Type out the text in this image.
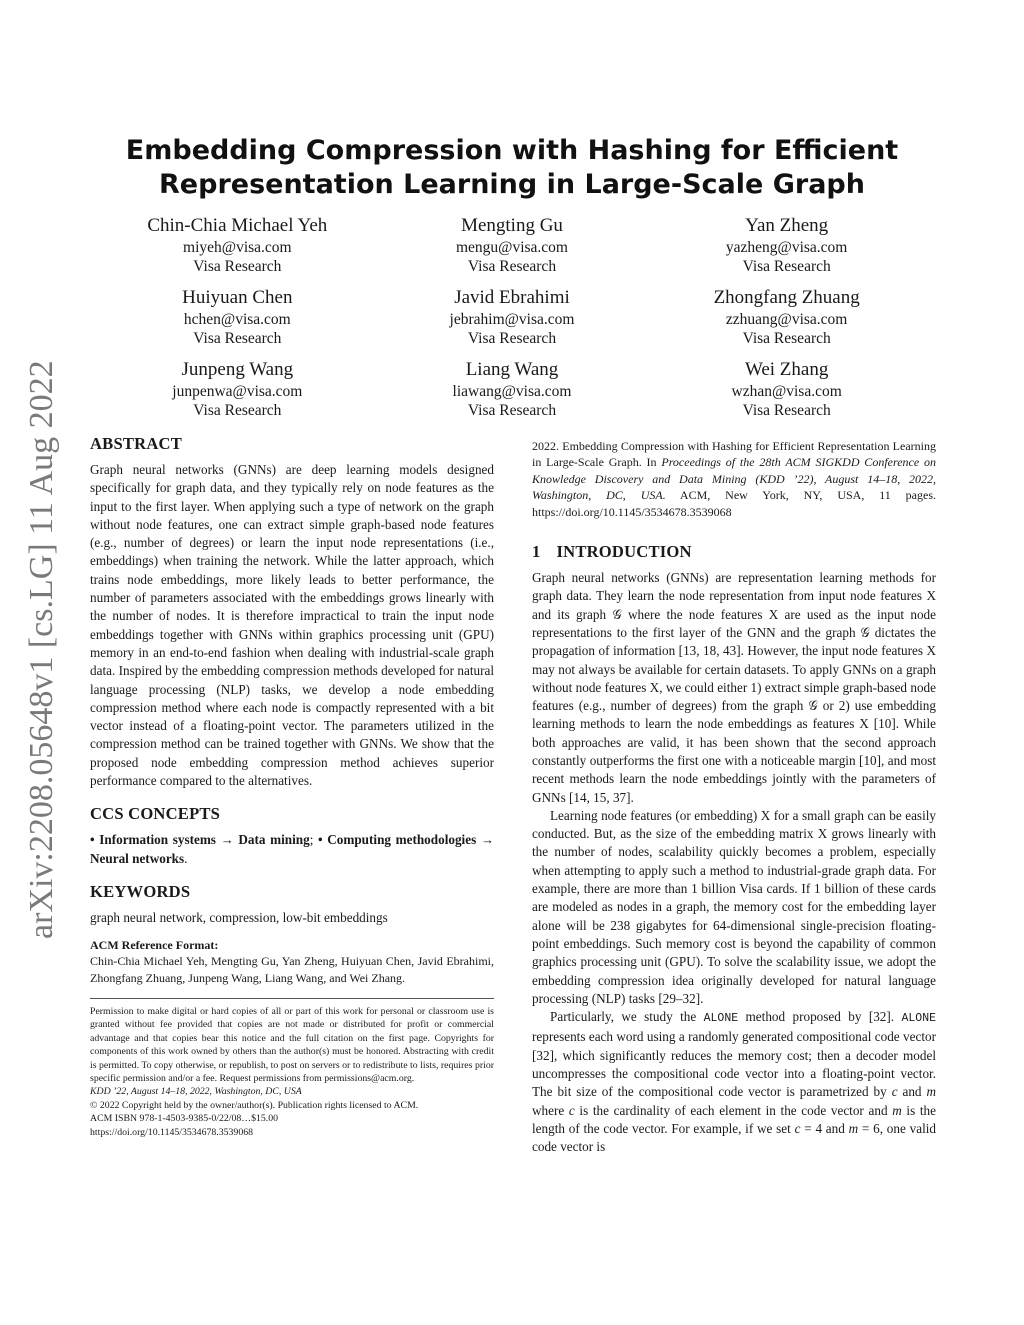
arXiv:2208.05648v1 [cs.LG] 11 Aug 2022
Embedding Compression with Hashing for Efficient
Representation Learning in Large-Scale Graph
Chin-Chia Michael Yeh
miyeh@visa.com
Visa Research
Mengting Gu
mengu@visa.com
Visa Research
Yan Zheng
yazheng@visa.com
Visa Research
Huiyuan Chen
hchen@visa.com
Visa Research
Javid Ebrahimi
jebrahim@visa.com
Visa Research
Zhongfang Zhuang
zzhuang@visa.com
Visa Research
Junpeng Wang
junpenwa@visa.com
Visa Research
Liang Wang
liawang@visa.com
Visa Research
Wei Zhang
wzhan@visa.com
Visa Research
ABSTRACT

Graph neural networks (GNNs) are deep learning models designed specifically for graph data, and they typically rely on node features as the input to the first layer. When applying such a type of network on the graph without node features, one can extract simple graph-based node features (e.g., number of degrees) or learn the input node representations (i.e., embeddings) when training the network. While the latter approach, which trains node embeddings, more likely leads to better performance, the number of parameters associated with the embeddings grows linearly with the number of nodes. It is therefore impractical to train the input node embeddings together with GNNs within graphics processing unit (GPU) memory in an end-to-end fashion when dealing with industrial-scale graph data. Inspired by the embedding compression methods developed for natural language processing (NLP) tasks, we develop a node embedding compression method where each node is compactly represented with a bit vector instead of a floating-point vector. The parameters utilized in the compression method can be trained together with GNNs. We show that the proposed node embedding compression method achieves superior performance compared to the alternatives.

CCS CONCEPTS

• Information systems → Data mining; • Computing methodologies → Neural networks.

KEYWORDS

graph neural network, compression, low-bit embeddings

ACM Reference Format:
Chin-Chia Michael Yeh, Mengting Gu, Yan Zheng, Huiyuan Chen, Javid Ebrahimi, Zhongfang Zhuang, Junpeng Wang, Liang Wang, and Wei Zhang.
Permission to make digital or hard copies of all or part of this work for personal or classroom use is granted without fee provided that copies are not made or distributed for profit or commercial advantage and that copies bear this notice and the full citation on the first page. Copyrights for components of this work owned by others than the author(s) must be honored. Abstracting with credit is permitted. To copy otherwise, or republish, to post on servers or to redistribute to lists, requires prior specific permission and/or a fee. Request permissions from permissions@acm.org.
KDD ’22, August 14–18, 2022, Washington, DC, USA
© 2022 Copyright held by the owner/author(s). Publication rights licensed to ACM.
ACM ISBN 978-1-4503-9385-0/22/08…$15.00
https://doi.org/10.1145/3534678.3539068
2022. Embedding Compression with Hashing for Efficient Representation Learning in Large-Scale Graph. In Proceedings of the 28th ACM SIGKDD Conference on Knowledge Discovery and Data Mining (KDD ’22), August 14–18, 2022, Washington, DC, USA. ACM, New York, NY, USA, 11 pages. https://doi.org/10.1145/3534678.3539068
1 INTRODUCTION

Graph neural networks (GNNs) are representation learning methods for graph data. They learn the node representation from input node features X and its graph 𝒢 where the node features X are used as the input node representations to the first layer of the GNN and the graph 𝒢 dictates the propagation of information [13, 18, 43]. However, the input node features X may not always be available for certain datasets. To apply GNNs on a graph without node features X, we could either 1) extract simple graph-based node features (e.g., number of degrees) from the graph 𝒢 or 2) use embedding learning methods to learn the node embeddings as features X [10]. While both approaches are valid, it has been shown that the second approach constantly outperforms the first one with a noticeable margin [10], and most recent methods learn the node embeddings jointly with the parameters of GNNs [14, 15, 37].

Learning node features (or embedding) X for a small graph can be easily conducted. But, as the size of the embedding matrix X grows linearly with the number of nodes, scalability quickly becomes a problem, especially when attempting to apply such a method to industrial-grade graph data. For example, there are more than 1 billion Visa cards. If 1 billion of these cards are modeled as nodes in a graph, the memory cost for the embedding layer alone will be 238 gigabytes for 64-dimensional single-precision floating-point embeddings. Such memory cost is beyond the capability of common graphics processing unit (GPU). To solve the scalability issue, we adopt the embedding compression idea originally developed for natural language processing (NLP) tasks [29–32].

Particularly, we study the ALONE method proposed by [32]. ALONE represents each word using a randomly generated compositional code vector [32], which significantly reduces the memory cost; then a decoder model uncompresses the compositional code vector into a floating-point vector. The bit size of the compositional code vector is parametrized by c and m where c is the cardinality of each element in the code vector and m is the length of the code vector. For example, if we set c = 4 and m = 6, one valid code vector is
